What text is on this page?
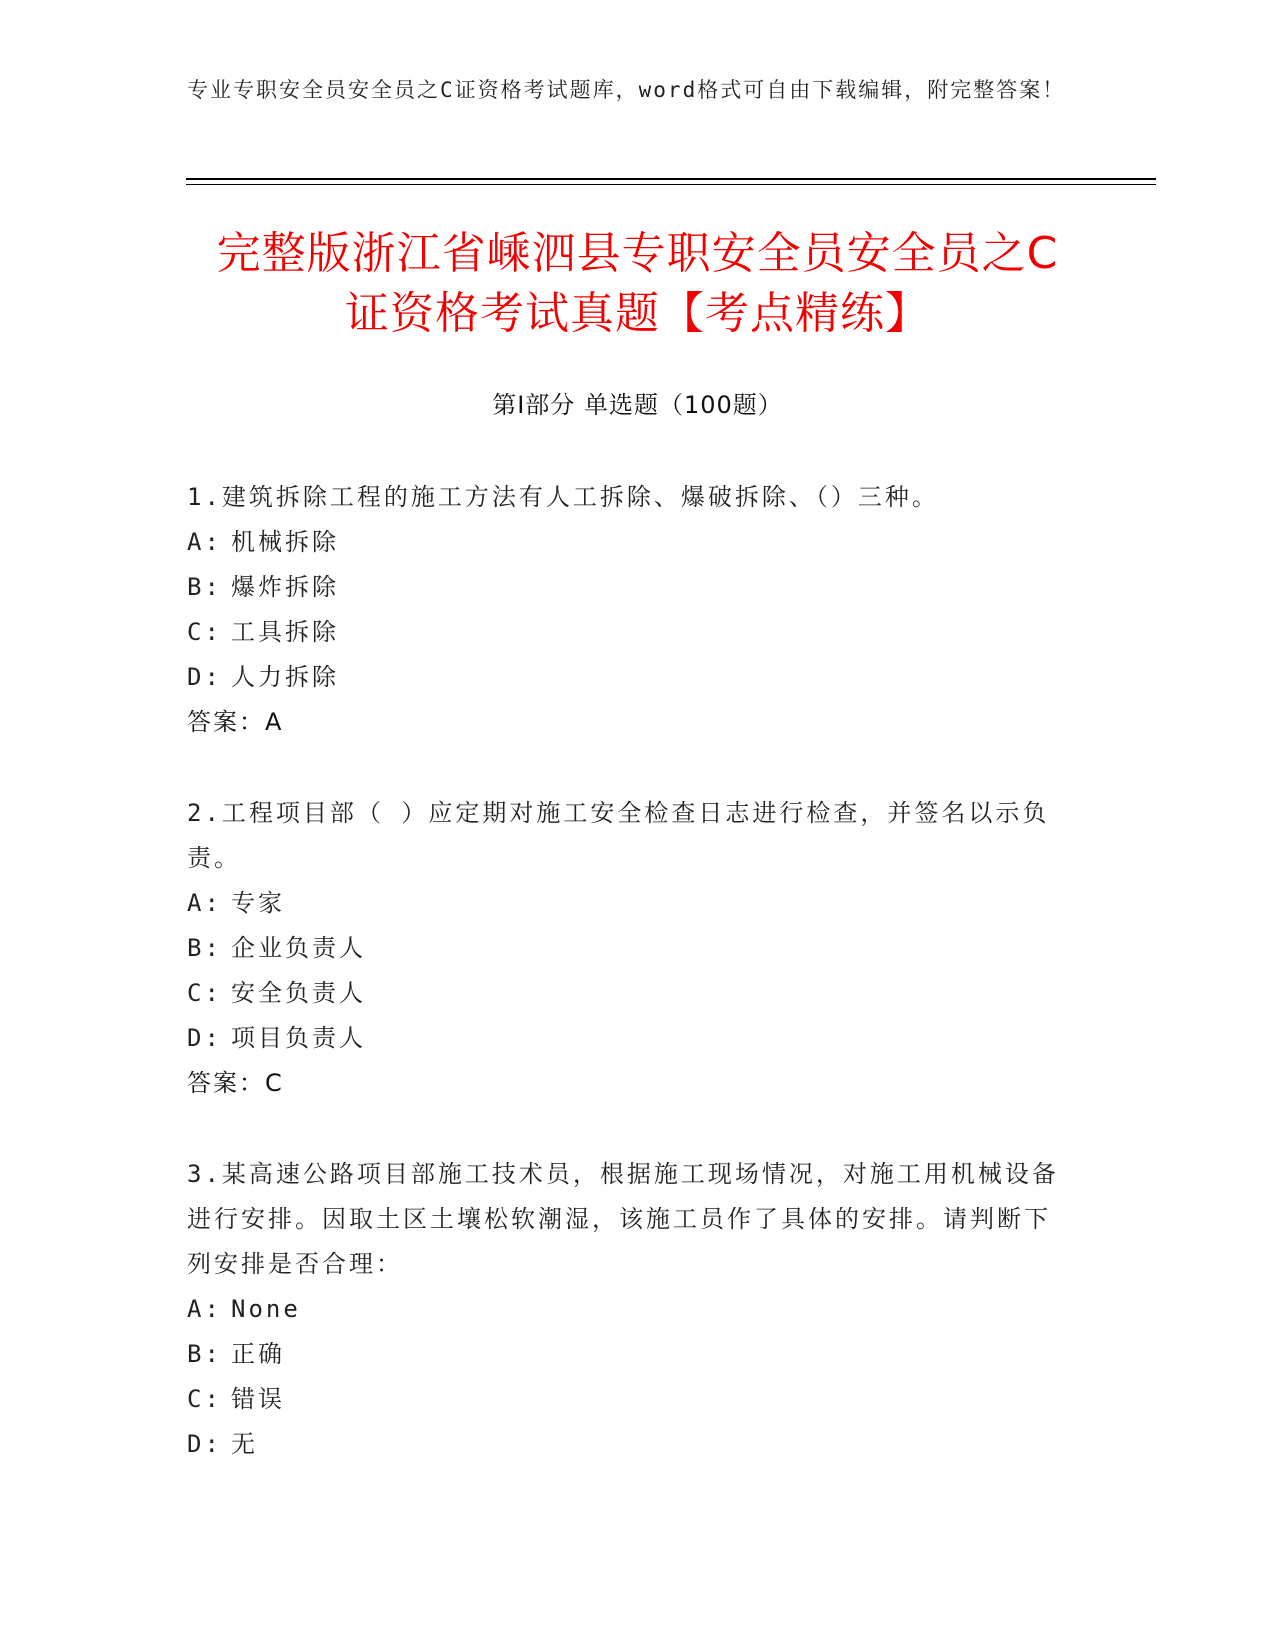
专业专职安全员安全员之C证资格考试题库，word格式可自由下载编辑，附完整答案！
完整版浙江省嵊泗县专职安全员安全员之C
证资格考试真题【考点精练】
第Ⅰ部分 单选题（100题）

1.建筑拆除工程的施工方法有人工拆除、爆破拆除、（）三种。

A: 机械拆除

B: 爆炸拆除

C: 工具拆除

D: 人力拆除

答案：A

2.工程项目部（ ）应定期对施工安全检查日志进行检查，并签名以示负责。

A: 专家

B: 企业负责人

C: 安全负责人

D: 项目负责人

答案：C

3.某高速公路项目部施工技术员，根据施工现场情况，对施工用机械设备进行安排。因取土区土壤松软潮湿，该施工员作了具体的安排。请判断下列安排是否合理：

A: None

B: 正确

C: 错误

D: 无
